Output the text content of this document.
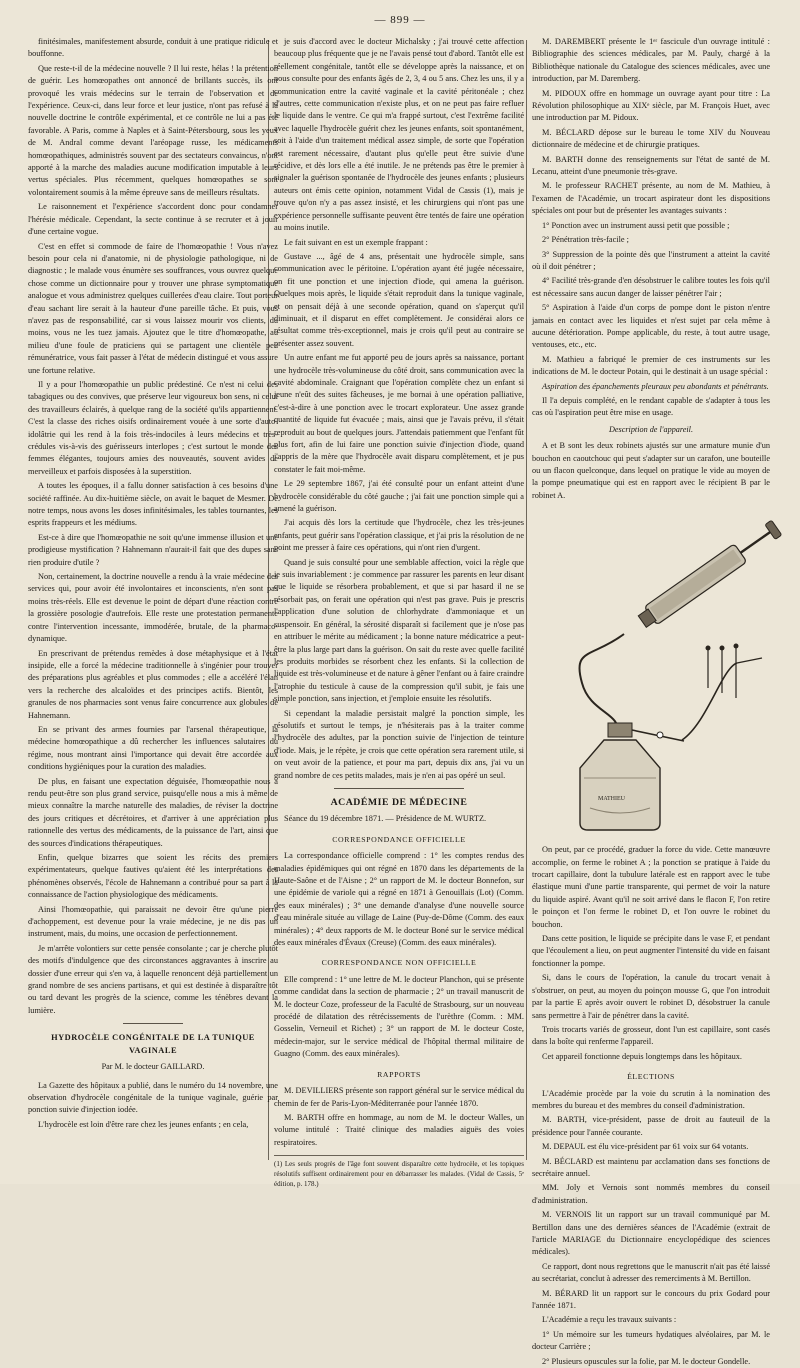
— 899 —

finitésimales, manifestement absurde, conduit à une pratique ridicule et bouffonne.

Que reste-t-il de la médecine nouvelle ? Il lui reste, hélas ! la prétention de guérir. Les homœopathes ont annoncé de brillants succès, ils ont provoqué les vrais médecins sur le terrain de l'observation et de l'expérience. Ceux-ci, dans leur force et leur justice, n'ont pas refusé à la nouvelle doctrine le contrôle expérimental, et ce contrôle ne lui a pas été favorable. A Paris, comme à Naples et à Saint-Pétersbourg, sous les yeux de M. Andral comme devant l'aréopage russe, les médicaments homœopathiques, administrés souvent par des sectateurs convaincus, n'ont apporté à la marche des maladies aucune modification imputable à leurs vertus spéciales. Plus récemment, quelques homœopathes se sont volontairement soumis à la même épreuve sans de meilleurs résultats.

Le raisonnement et l'expérience s'accordent donc pour condamner l'hérésie médicale. Cependant, la secte continue à se recruter et à jouir d'une certaine vogue.

C'est en effet si commode de faire de l'homœopathie ! Vous n'avez besoin pour cela ni d'anatomie, ni de physiologie pathologique, ni de diagnostic ; le malade vous énumère ses souffrances, vous ouvrez quelque chose comme un dictionnaire pour y trouver une phrase symptomatique analogue et vous administrez quelques cuillerées d'eau claire. Tout porteur d'eau sachant lire serait à la hauteur d'une pareille tâche. Et puis, vous n'avez pas de responsabilité, car si vous laissez mourir vos clients, du moins, vous ne les tuez jamais. Ajoutez que le titre d'homœopathe, au milieu d'une foule de praticiens qui se partagent une clientèle peu rémunératrice, vous fait passer à l'état de médecin distingué et vous assure une fortune relative.

Il y a pour l'homœopathie un public prédestiné. Ce n'est ni celui des tabagiques ou des convives, que préserve leur vigoureux bon sens, ni celui des travailleurs éclairés, à quelque rang de la société qu'ils appartiennent. C'est la classe des riches oisifs ordinairement vouée à une sorte d'auto-idolâtrie qui les rend à la fois très-indociles à leurs médecins et très-crédules vis-à-vis des guérisseurs interlopes ; c'est surtout le monde des femmes élégantes, toujours amies des nouveautés, souvent avides de merveilleux et parfois disposées à la superstition.

A toutes les époques, il a fallu donner satisfaction à ces besoins d'une société raffinée. Au dix-huitième siècle, on avait le baquet de Mesmer. De notre temps, nous avons les doses infinitésimales, les tables tournantes, les esprits frappeurs et les médiums.

Est-ce à dire que l'homœopathie ne soit qu'une immense illusion et une prodigieuse mystification ? Hahnemann n'aurait-il fait que des dupes sans rien produire d'utile ?

Non, certainement, la doctrine nouvelle a rendu à la vraie médecine des services qui, pour avoir été involontaires et inconscients, n'en sont pas moins très-réels. Elle est devenue le point de départ d'une réaction contre la grossière posologie d'autrefois. Elle reste une protestation permanente contre l'intervention incessante, immodérée, brutale, de la pharmaco-dynamique.

En prescrivant de prétendus remèdes à dose métaphysique et à l'état insipide, elle a forcé la médecine traditionnelle à s'ingénier pour trouver des préparations plus agréables et plus commodes ; elle a accéléré l'élan vers la recherche des alcaloïdes et des principes actifs. Bientôt, les granules de nos pharmacies sont venus faire concurrence aux globules de Hahnemann.

En se privant des armes fournies par l'arsenal thérapeutique, la médecine homœopathique a dû rechercher les influences salutaires du régime, nous montrant ainsi l'importance qui devait être accordée aux conditions hygiéniques pour la curation des maladies.

De plus, en faisant une expectation déguisée, l'homœopathie nous a rendu peut-être son plus grand service, puisqu'elle nous a mis à même de mieux connaître la marche naturelle des maladies, de réviser la doctrine des jours critiques et décrétoires, et d'arriver à une appréciation plus rationnelle des vertus des médicaments, de la puissance de l'art, ainsi que des sources d'indications thérapeutiques.

Enfin, quelque bizarres que soient les récits des premiers expérimentateurs, quelque fautives qu'aient été les interprétations des phénomènes observés, l'école de Hahnemann a contribué pour sa part à la connaissance de l'action physiologique des médicaments.

Ainsi l'homœopathie, qui paraissait ne devoir être qu'une pierre d'achoppement, est devenue pour la vraie médecine, je ne dis pas un instrument, mais, du moins, une occasion de perfectionnement.

Je m'arrête volontiers sur cette pensée consolante ; car je cherche plutôt des motifs d'indulgence que des circonstances aggravantes à inscrire au dossier d'une erreur qui s'en va, à laquelle renoncent déjà partiellement un grand nombre de ses anciens partisans, et qui est destinée à disparaître tôt ou tard devant les progrès de la science, comme les ténèbres devant la lumière.

HYDROCÈLE CONGÉNITALE DE LA TUNIQUE VAGINALE
Par M. le docteur GAILLARD.

La Gazette des hôpitaux a publié, dans le numéro du 14 novembre, une observation d'hydrocèle congénitale de la tunique vaginale, guérie par ponction suivie d'injection iodée.

L'hydrocèle est loin d'être rare chez les jeunes enfants ; en cela,

je suis d'accord avec le docteur Michalsky ; j'ai trouvé cette affection beaucoup plus fréquente que je ne l'avais pensé tout d'abord. Tantôt elle est réellement congénitale, tantôt elle se développe après la naissance, et on nous consulte pour des enfants âgés de 2, 3, 4 ou 5 ans. Chez les uns, il y a communication entre la cavité vaginale et la cavité péritonéale ; chez d'autres, cette communication n'existe plus, et on ne peut pas faire refluer le liquide dans le ventre. Ce qui m'a frappé surtout, c'est l'extrême facilité avec laquelle l'hydrocèle guérit chez les jeunes enfants, soit spontanément, soit à l'aide d'un traitement médical assez simple, de sorte que l'opération est rarement nécessaire, d'autant plus qu'elle peut être suivie d'une récidive, et dès lors elle a été inutile. Je ne prétends pas être le premier à signaler la guérison spontanée de l'hydrocèle des jeunes enfants ; plusieurs auteurs ont émis cette opinion, notamment Vidal de Cassis (1), mais je trouve qu'on n'y a pas assez insisté, et les chirurgiens qui n'ont pas une expérience personnelle suffisante peuvent être tentés de faire une opération au moins inutile.

Le fait suivant en est un exemple frappant :

Gustave ..., âgé de 4 ans, présentait une hydrocèle simple, sans communication avec le péritoine. L'opération ayant été jugée nécessaire, on fit une ponction et une injection d'iode, qui amena la guérison. Quelques mois après, le liquide s'était reproduit dans la tunique vaginale, et on pensait déjà à une seconde opération, quand on s'aperçut qu'il diminuait, et il disparut en effet complètement. Je considérai alors ce résultat comme très-exceptionnel, mais je crois qu'il peut au contraire se présenter assez souvent.

Un autre enfant me fut apporté peu de jours après sa naissance, portant une hydrocèle très-volumineuse du côté droit, sans communication avec la cavité abdominale. Craignant que l'opération complète chez un enfant si jeune n'eût des suites fâcheuses, je me bornai à une opération palliative, c'est-à-dire à une ponction avec le trocart explorateur. Une assez grande quantité de liquide fut évacuée ; mais, ainsi que je l'avais prévu, il s'était reproduit au bout de quelques jours. J'attendais patiemment que l'enfant fût plus fort, afin de lui faire une ponction suivie d'injection d'iode, quand j'appris de la mère que l'hydrocèle avait disparu complètement, et je pus constater le fait moi-même.

Le 29 septembre 1867, j'ai été consulté pour un enfant atteint d'une hydrocèle considérable du côté gauche ; j'ai fait une ponction simple qui a amené la guérison.

J'ai acquis dès lors la certitude que l'hydrocèle, chez les très-jeunes enfants, peut guérir sans l'opération classique, et j'ai pris la résolution de ne point me presser à faire ces opérations, qui n'ont rien d'urgent.

Quand je suis consulté pour une semblable affection, voici la règle que je suis invariablement : je commence par rassurer les parents en leur disant que le liquide se résorbera probablement, et que si par hasard il ne se résorbait pas, on ferait une opération qui n'est pas grave. Puis je prescris l'application d'une solution de chlorhydrate d'ammoniaque et un suspensoir. En général, la sérosité disparaît si facilement que je n'ose pas en attribuer le mérite au médicament ; la bonne nature médicatrice a peut-être la plus large part dans la guérison. On sait du reste avec quelle facilité les produits morbides se résorbent chez les enfants. Si la collection de liquide est très-volumineuse et de nature à gêner l'enfant ou à faire craindre l'atrophie du testicule à cause de la compression qu'il subit, je fais une simple ponction, sans injection, et j'emploie ensuite les résolutifs.

Si cependant la maladie persistait malgré la ponction simple, les résolutifs et surtout le temps, je n'hésiterais pas à la traiter comme l'hydrocèle des adultes, par la ponction suivie de l'injection de teinture d'iode. Mais, je le répète, je crois que cette opération sera rarement utile, si on veut avoir de la patience, et pour ma part, depuis dix ans, j'ai vu un grand nombre de ces petits malades, mais je n'en ai pas opéré un seul.

ACADÉMIE DE MÉDECINE

Séance du 19 décembre 1871. — Présidence de M. WURTZ.

CORRESPONDANCE OFFICIELLE

La correspondance officielle comprend : 1° les comptes rendus des maladies épidémiques qui ont régné en 1870 dans les départements de la Haute-Saône et de l'Aisne ; 2° un rapport de M. le docteur Bonnefon, sur une épidémie de variole qui a régné en 1871 à Genouillais (Lot) (Comm. des eaux minérales) ; 3° une demande d'analyse d'une nouvelle source d'eau minérale située au village de Laine (Puy-de-Dôme (Comm. des eaux minérales) ; 4° deux rapports de M. le docteur Boné sur le service médical des eaux minérales d'Évaux (Creuse) (Comm. des eaux minérales).

CORRESPONDANCE NON OFFICIELLE

Elle comprend : 1° une lettre de M. le docteur Planchon, qui se présente comme candidat dans la section de pharmacie ; 2° un travail manuscrit de M. le docteur Coze, professeur de la Faculté de Strasbourg, sur un nouveau procédé de dilatation des rétrécissements de l'urèthre (Comm. : MM. Gosselin, Verneuil et Richet) ; 3° un rapport de M. le docteur Coste, médecin-major, sur le service médical de l'hôpital thermal militaire de Guagno (Comm. des eaux minérales).

RAPPORTS

M. DEVILLIERS présente son rapport général sur le service médical du chemin de fer de Paris-Lyon-Méditerranée pour l'année 1870.

M. BARTH offre en hommage, au nom de M. le docteur Walles, un volume intitulé : Traité clinique des maladies aiguës des voies respiratoires.

(1) Les seuls progrès de l'âge font souvent disparaître cette hydrocèle, et les topiques résolutifs suffisent ordinairement pour en débarrasser les malades. (Vidal de Cassis, 5ᵉ édition, p. 178.)

M. DAREMBERT présente le 1ᵉʳ fascicule d'un ouvrage intitulé : Bibliographie des sciences médicales, par M. Pauly, chargé à la Bibliothèque nationale du Catalogue des sciences médicales, avec une introduction, par M. Daremberg.

M. PIDOUX offre en hommage un ouvrage ayant pour titre : La Révolution philosophique au XIXᵉ siècle, par M. François Huet, avec une introduction par M. Pidoux.

M. BÉCLARD dépose sur le bureau le tome XIV du Nouveau dictionnaire de médecine et de chirurgie pratiques.

M. BARTH donne des renseignements sur l'état de santé de M. Lecanu, atteint d'une pneumonie très-grave.

M. le professeur RACHET présente, au nom de M. Mathieu, à l'examen de l'Académie, un trocart aspirateur dont les dispositions spéciales ont pour but de présenter les avantages suivants :

1° Ponction avec un instrument aussi petit que possible ;

2° Pénétration très-facile ;

3° Suppression de la pointe dès que l'instrument a atteint la cavité où il doit pénétrer ;

4° Facilité très-grande d'en désobstruer le calibre toutes les fois qu'il est nécessaire sans aucun danger de laisser pénétrer l'air ;

5° Aspiration à l'aide d'un corps de pompe dont le piston n'entre jamais en contact avec les liquides et n'est sujet par cela même à aucune détérioration. Pompe applicable, du reste, à tout autre usage, ventouses, etc., etc.

M. Mathieu a fabriqué le premier de ces instruments sur les indications de M. le docteur Potain, qui le destinait à un usage spécial :

Aspiration des épanchements pleuraux peu abondants et pénétrants.

Il l'a depuis complété, en le rendant capable de s'adapter à tous les cas où l'aspiration peut être mise en usage.

Description de l'appareil.

A et B sont les deux robinets ajustés sur une armature munie d'un bouchon en caoutchouc qui peut s'adapter sur un carafon, une bouteille ou un flacon quelconque, dans lequel on pratique le vide au moyen de la pompe pneumatique qui est en rapport avec le récipient B par le robinet A.

MATHIEU

On peut, par ce procédé, graduer la force du vide. Cette manœuvre accomplie, on ferme le robinet A ; la ponction se pratique à l'aide du trocart capillaire, dont la tubulure latérale est en rapport avec le tube élastique muni d'une partie transparente, qui permet de voir la nature du liquide aspiré. Avant qu'il ne soit arrivé dans le flacon F, l'on retire le poinçon et l'on ferme le robinet D, et l'on ouvre le robinet du bouchon.

Dans cette position, le liquide se précipite dans le vase F, et pendant que l'écoulement a lieu, on peut augmenter l'intensité du vide en faisant fonctionner la pompe.

Si, dans le cours de l'opération, la canule du trocart venait à s'obstruer, on peut, au moyen du poinçon mousse G, que l'on introduit par la partie E après avoir ouvert le robinet D, désobstruer la canule sans permettre à l'air de pénétrer dans la cavité.

Trois trocarts variés de grosseur, dont l'un est capillaire, sont casés dans la boîte qui renferme l'appareil.

Cet appareil fonctionne depuis longtemps dans les hôpitaux.

ÉLECTIONS

L'Académie procède par la voie du scrutin à la nomination des membres du bureau et des membres du conseil d'administration.

M. BARTH, vice-président, passe de droit au fauteuil de la présidence pour l'année courante.

M. DEPAUL est élu vice-président par 61 voix sur 64 votants.

M. BÉCLARD est maintenu par acclamation dans ses fonctions de secrétaire annuel.

MM. Joly et Vernois sont nommés membres du conseil d'administration.

M. VERNOIS lit un rapport sur un travail communiqué par M. Bertillon dans une des dernières séances de l'Académie (extrait de l'article MARIAGE du Dictionnaire encyclopédique des sciences médicales).

Ce rapport, dont nous regrettons que le manuscrit n'ait pas été laissé au secrétariat, conclut à adresser des remerciments à M. Bertillon.

M. BÉRARD lit un rapport sur le concours du prix Godard pour l'année 1871.

L'Académie a reçu les travaux suivants :

1° Un mémoire sur les tumeurs hydatiques alvéolaires, par M. le docteur Carrière ;

2° Plusieurs opuscules sur la folie, par M. le docteur Gondelle.
